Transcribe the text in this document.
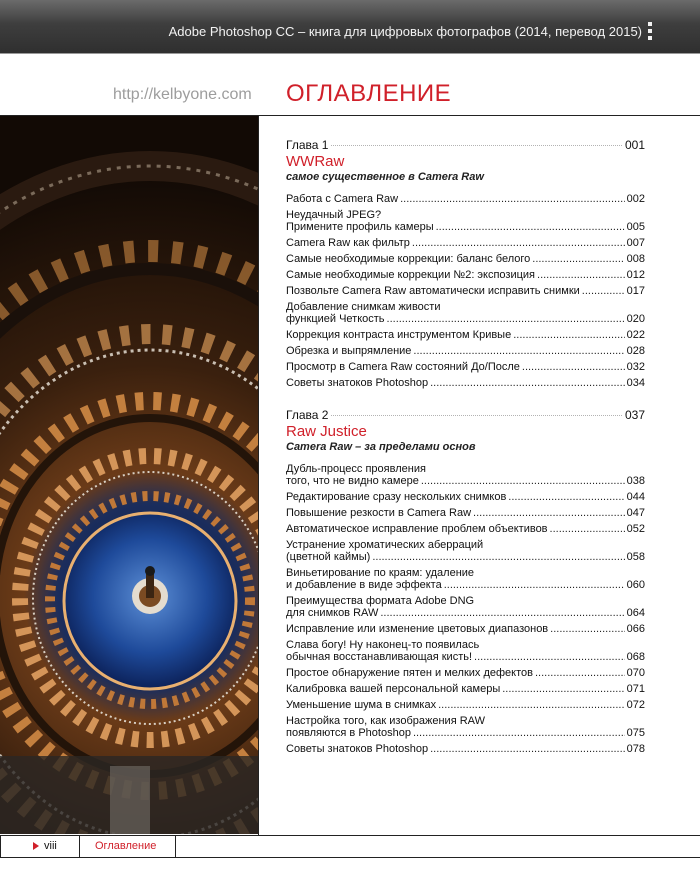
Adobe Photoshop CC – книга для цифровых фотографов (2014, перевод 2015)
http://kelbyone.com ОГЛАВЛЕНИЕ
Глава 1	001
WWRaw
самое существенное в Camera Raw
Работа с Camera Raw .....	002
Неудачный JPEG?
Примените профиль камеры .....	005
Camera Raw как фильтр .....	007
Самые необходимые коррекции: баланс белого .....	008
Самые необходимые коррекции №2: экспозиция .....	012
Позвольте Camera Raw автоматически исправить снимки .....	017
Добавление снимкам живости
функцией Четкость .....	020
Коррекция контраста инструментом Кривые .....	022
Обрезка и выпрямление .....	028
Просмотр в Camera Raw состояний До/После .....	032
Советы знатоков Photoshop .....	034
Глава 2	037
Raw Justice
Camera Raw – за пределами основ
Дубль-процесс проявления
того, что не видно камере .....	038
Редактирование сразу нескольких снимков .....	044
Повышение резкости в Camera Raw .....	047
Автоматическое исправление проблем объективов .....	052
Устранение хроматических аберраций
(цветной каймы) .....	058
Виньетирование по краям: удаление
и добавление в виде эффекта .....	060
Преимущества формата Adobe DNG
для снимков RAW .....	064
Исправление или изменение цветовых диапазонов .....	066
Слава богу! Ну наконец-то появилась
обычная восстанавливающая кисть! .....	068
Простое обнаружение пятен и мелких дефектов .....	070
Калибровка вашей персональной камеры .....	071
Уменьшение шума в снимках .....	072
Настройка того, как изображения RAW
появляются в Photoshop .....	075
Советы знатоков Photoshop .....	078
viii	Оглавление
